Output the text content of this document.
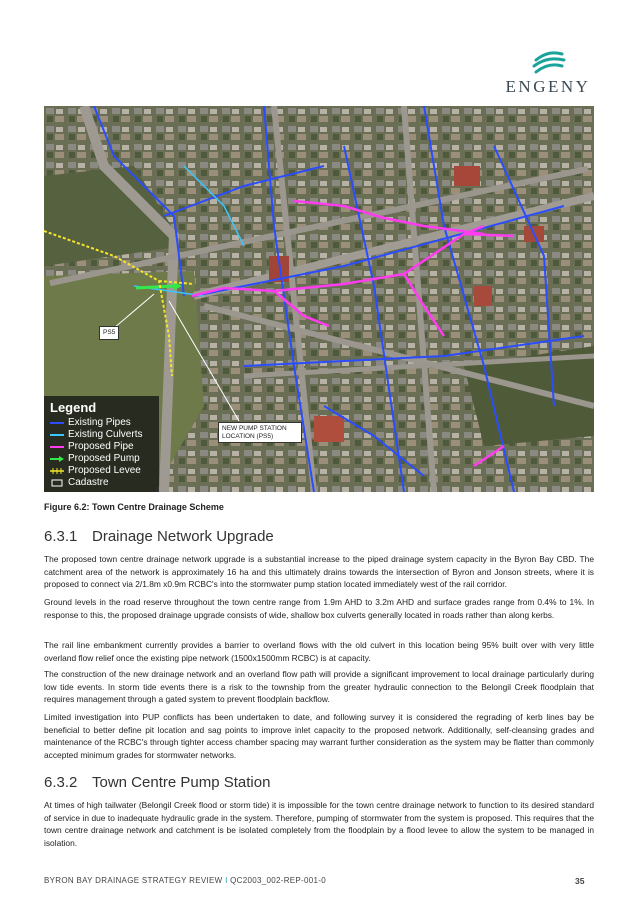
ENGENY
PS5
NEW PUMP STATION LOCATION (PS5)
Legend
Existing Pipes
Existing Culverts
Proposed Pipe
Proposed Pump
Proposed Levee
Cadastre
Figure 6.2: Town Centre Drainage Scheme
6.3.1 Drainage Network Upgrade
The proposed town centre drainage network upgrade is a substantial increase to the piped drainage system capacity in the Byron Bay CBD. The catchment area of the network is approximately 16 ha and this ultimately drains towards the intersection of Byron and Jonson streets, where it is proposed to connect via 2/1.8m x0.9m RCBC's into the stormwater pump station located immediately west of the rail corridor.
Ground levels in the road reserve throughout the town centre range from 1.9m AHD to 3.2m AHD and surface grades range from 0.4% to 1%. In response to this, the proposed drainage upgrade consists of wide, shallow box culverts generally located in roads rather than along kerbs.
The rail line embankment currently provides a barrier to overland flows with the old culvert in this location being 95% built over with very little overland flow relief once the existing pipe network (1500x1500mm RCBC) is at capacity.
The construction of the new drainage network and an overland flow path will provide a significant improvement to local drainage particularly during low tide events. In storm tide events there is a risk to the township from the greater hydraulic connection to the Belongil Creek floodplain that requires management through a gated system to prevent floodplain backflow.
Limited investigation into PUP conflicts has been undertaken to date, and following survey it is considered the regrading of kerb lines bay be beneficial to better define pit location and sag points to improve inlet capacity to the proposed network. Additionally, self-cleansing grades and maintenance of the RCBC's through tighter access chamber spacing may warrant further consideration as the system may be flatter than commonly accepted minimum grades for stormwater networks.
6.3.2 Town Centre Pump Station
At times of high tailwater (Belongil Creek flood or storm tide) it is impossible for the town centre drainage network to function to its desired standard of service in due to inadequate hydraulic grade in the system. Therefore, pumping of stormwater from the system is proposed. This requires that the town centre drainage network and catchment is be isolated completely from the floodplain by a flood levee to allow the system to be managed in isolation.
BYRON BAY DRAINAGE STRATEGY REVIEW I QC2003_002-REP-001-0	35
